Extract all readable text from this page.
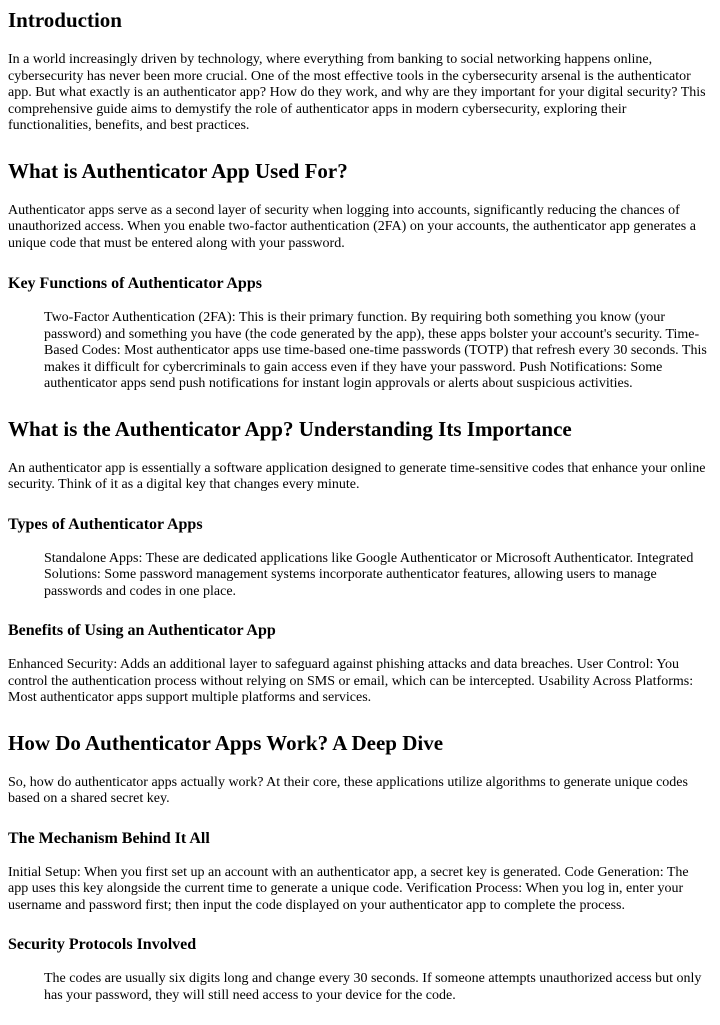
Introduction

In a world increasingly driven by technology, where everything from banking to social networking happens online, cybersecurity has never been more crucial. One of the most effective tools in the cybersecurity arsenal is the authenticator app. But what exactly is an authenticator app? How do they work, and why are they important for your digital security? This comprehensive guide aims to demystify the role of authenticator apps in modern cybersecurity, exploring their functionalities, benefits, and best practices.

What is Authenticator App Used For?

Authenticator apps serve as a second layer of security when logging into accounts, significantly reducing the chances of unauthorized access. When you enable two-factor authentication (2FA) on your accounts, the authenticator app generates a unique code that must be entered along with your password.

Key Functions of Authenticator Apps
Two-Factor Authentication (2FA): This is their primary function. By requiring both something you know (your password) and something you have (the code generated by the app), these apps bolster your account's security. Time-Based Codes: Most authenticator apps use time-based one-time passwords (TOTP) that refresh every 30 seconds. This makes it difficult for cybercriminals to gain access even if they have your password. Push Notifications: Some authenticator apps send push notifications for instant login approvals or alerts about suspicious activities.
What is the Authenticator App? Understanding Its Importance

An authenticator app is essentially a software application designed to generate time-sensitive codes that enhance your online security. Think of it as a digital key that changes every minute.

Types of Authenticator Apps
Standalone Apps: These are dedicated applications like Google Authenticator or Microsoft Authenticator. Integrated Solutions: Some password management systems incorporate authenticator features, allowing users to manage passwords and codes in one place.
Benefits of Using an Authenticator App

Enhanced Security: Adds an additional layer to safeguard against phishing attacks and data breaches. User Control: You control the authentication process without relying on SMS or email, which can be intercepted. Usability Across Platforms: Most authenticator apps support multiple platforms and services.

How Do Authenticator Apps Work? A Deep Dive

So, how do authenticator apps actually work? At their core, these applications utilize algorithms to generate unique codes based on a shared secret key.

The Mechanism Behind It All

Initial Setup: When you first set up an account with an authenticator app, a secret key is generated. Code Generation: The app uses this key alongside the current time to generate a unique code. Verification Process: When you log in, enter your username and password first; then input the code displayed on your authenticator app to complete the process.

Security Protocols Involved
The codes are usually six digits long and change every 30 seconds. If someone attempts unauthorized access but only has your password, they will still need access to your device for the code.
